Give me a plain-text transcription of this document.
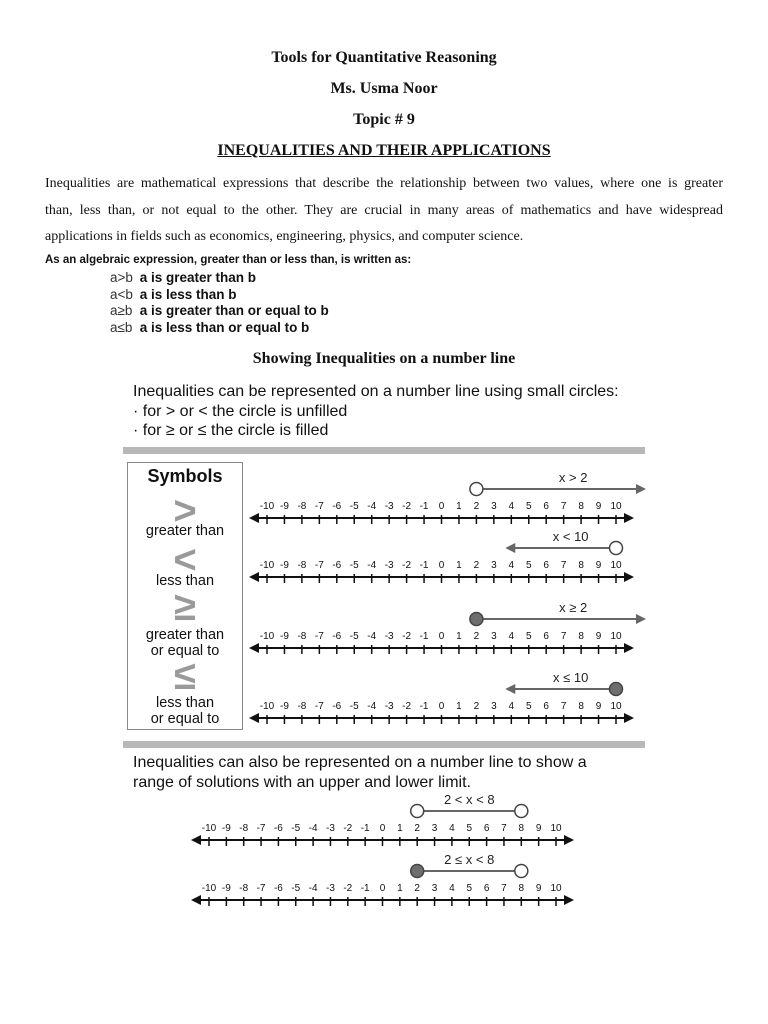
Tools for Quantitative Reasoning
Ms. Usma Noor
Topic # 9
INEQUALITIES AND THEIR APPLICATIONS
Inequalities are mathematical expressions that describe the relationship between two values, where one is greater
than, less than, or not equal to the other. They are crucial in many areas of mathematics and have widespread
applications in fields such as economics, engineering, physics, and computer science.
As an algebraic expression, greater than or less than, is written as:
a>b a is greater than b
a<b a is less than b
a≥b a is greater than or equal to b
a≤b a is less than or equal to b
Showing Inequalities on a number line
Inequalities can be represented on a number line using small circles:
· for > or < the circle is unfilled
· for ≥ or ≤ the circle is filled
Symbols
>
greater than
<
less than
≥
greater than
or equal to
≤
less than
or equal to
-10 -9 -8 -7 -6 -5 -4 -3 -2 -1 0 1 2 3 4 5 6 7 8 9 10
x > 2
-10 -9 -8 -7 -6 -5 -4 -3 -2 -1 0 1 2 3 4 5 6 7 8 9 10
x < 10
-10 -9 -8 -7 -6 -5 -4 -3 -2 -1 0 1 2 3 4 5 6 7 8 9 10
x ≥ 2
-10 -9 -8 -7 -6 -5 -4 -3 -2 -1 0 1 2 3 4 5 6 7 8 9 10
x ≤ 10
-10 -9 -8 -7 -6 -5 -4 -3 -2 -1 0 1 2 3 4 5 6 7 8 9 10
2 < x < 8
-10 -9 -8 -7 -6 -5 -4 -3 -2 -1 0 1 2 3 4 5 6 7 8 9 10
2 ≤ x < 8
Inequalities can also be represented on a number line to show a
range of solutions with an upper and lower limit.
